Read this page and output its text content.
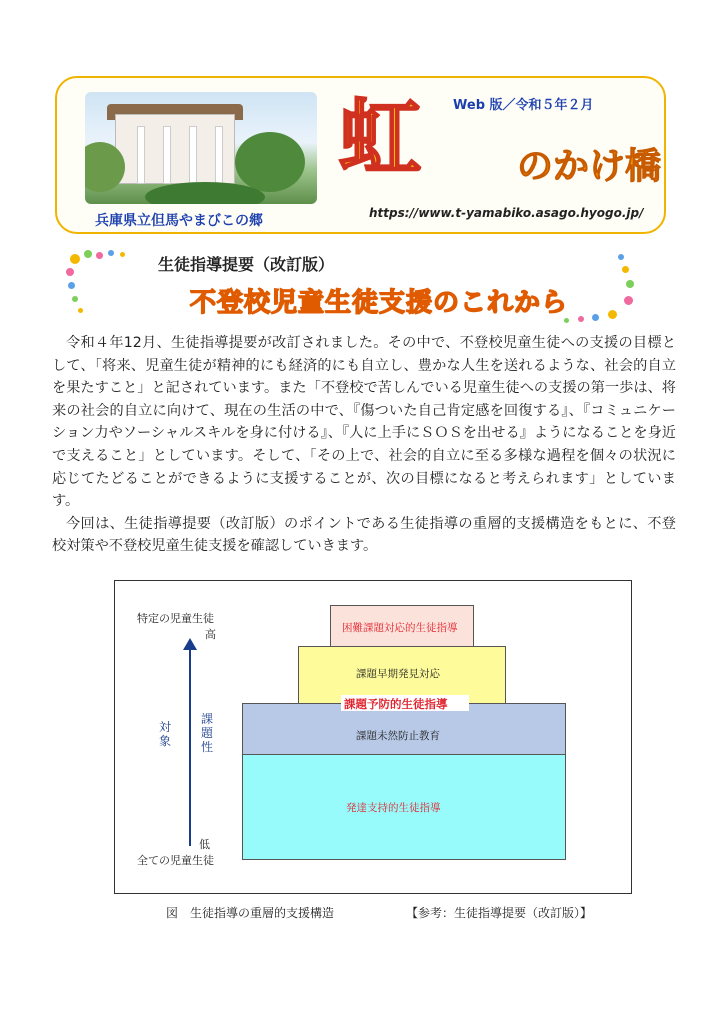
兵庫県立但馬やまびこの郷
Web 版／令和５年２月
虹	のかけ橋
https://www.t-yamabiko.asago.hyogo.jp/
生徒指導提要（改訂版）
不登校児童生徒支援のこれから

令和４年12月、生徒指導提要が改訂されました。その中で、不登校児童生徒への支援の目標として、「将来、児童生徒が精神的にも経済的にも自立し、豊かな人生を送れるような、社会的自立を果たすこと」と記されています。また「不登校で苦しんでいる児童生徒への支援の第一歩は、将来の社会的自立に向けて、現在の生活の中で、『傷ついた自己肯定感を回復する』、『コミュニケーション力やソーシャルスキルを身に付ける』、『人に上手にＳＯＳを出せる』ようになることを身近で支えること」としています。そして、「その上で、社会的自立に至る多様な過程を個々の状況に応じてたどることができるように支援することが、次の目標になると考えられます」としています。

今回は、生徒指導提要（改訂版）のポイントである生徒指導の重層的支援構造をもとに、不登校対策や不登校児童生徒支援を確認していきます。

特定の児童生徒
高
対象
課題性
低
全ての児童生徒
困難課題対応的生徒指導
課題早期発見対応
課題予防的生徒指導
課題未然防止教育
発達支持的生徒指導
図　生徒指導の重層的支援構造	【参考：生徒指導提要（改訂版）】
